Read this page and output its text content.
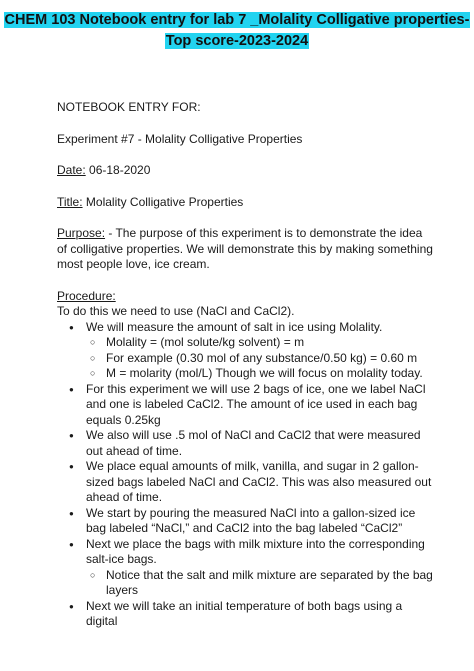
CHEM 103 Notebook entry for lab 7 _Molality Colligative properties-Top score-2023-2024

NOTEBOOK ENTRY FOR:

Experiment #7 - Molality Colligative Properties

Date: 06-18-2020

Title: Molality Colligative Properties

Purpose: - The purpose of this experiment is to demonstrate the idea of colligative properties. We will demonstrate this by making something most people love, ice cream.

Procedure:

To do this we need to use (NaCl and CaCl2).

● We will measure the amount of salt in ice using Molality.
○ Molality = (mol solute/kg solvent) = m
○ For example (0.30 mol of any substance/0.50 kg) = 0.60 m
○ M = molarity (mol/L) Though we will focus on molality today.
● For this experiment we will use 2 bags of ice, one we label NaCl and one is labeled CaCl2. The amount of ice used in each bag equals 0.25kg
● We also will use .5 mol of NaCl and CaCl2 that were measured out ahead of time.
● We place equal amounts of milk, vanilla, and sugar in 2 gallon-sized bags labeled NaCl and CaCl2. This was also measured out ahead of time.
● We start by pouring the measured NaCl into a gallon-sized ice bag labeled “NaCl,” and CaCl2 into the bag labeled “CaCl2”
● Next we place the bags with milk mixture into the corresponding salt-ice bags.
○ Notice that the salt and milk mixture are separated by the bag layers
● Next we will take an initial temperature of both bags using a digital
